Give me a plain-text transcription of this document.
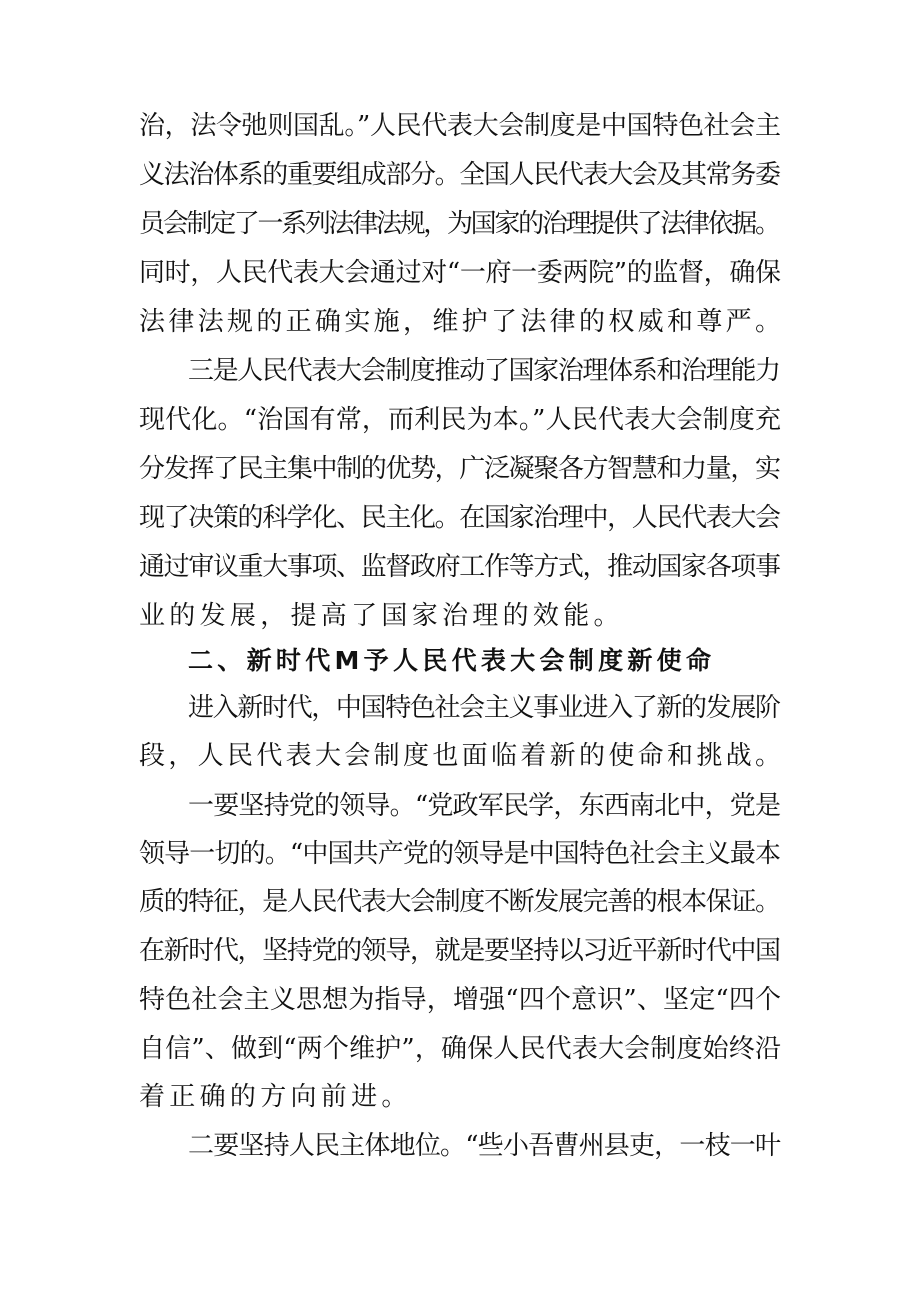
治，法令弛则国乱。”人民代表大会制度是中国特色社会主
义法治体系的重要组成部分。全国人民代表大会及其常务委
员会制定了一系列法律法规，为国家的治理提供了法律依据。
同时，人民代表大会通过对“一府一委两院”的监督，确保
法律法规的正确实施，维护了法律的权威和尊严。
三是人民代表大会制度推动了国家治理体系和治理能力
现代化。“治国有常，而利民为本。”人民代表大会制度充
分发挥了民主集中制的优势，广泛凝聚各方智慧和力量，实
现了决策的科学化、民主化。在国家治理中，人民代表大会
通过审议重大事项、监督政府工作等方式，推动国家各项事
业的发展，提高了国家治理的效能。
二、新时代M予人民代表大会制度新使命
进入新时代，中国特色社会主义事业进入了新的发展阶
段，人民代表大会制度也面临着新的使命和挑战。
一要坚持党的领导。“党政军民学，东西南北中，党是
领导一切的。“中国共产党的领导是中国特色社会主义最本
质的特征，是人民代表大会制度不断发展完善的根本保证。
在新时代，坚持党的领导，就是要坚持以习近平新时代中国
特色社会主义思想为指导，增强“四个意识”、坚定“四个
自信”、做到“两个维护”，确保人民代表大会制度始终沿
着正确的方向前进。
二要坚持人民主体地位。“些小吾曹州县吏，一枝一叶
